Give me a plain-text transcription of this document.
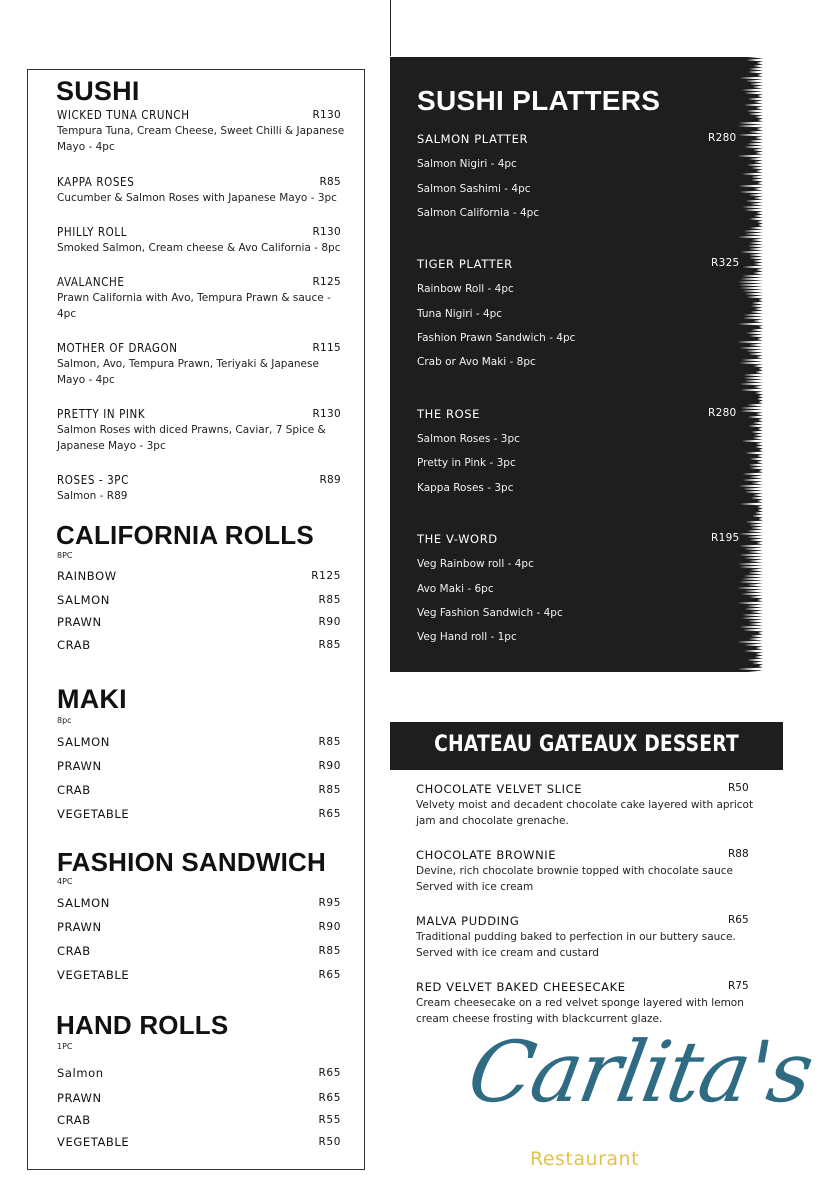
SUSHI
WICKED TUNA CRUNCH	R130
Tempura Tuna, Cream Cheese, Sweet Chilli & Japanese Mayo - 4pc
KAPPA ROSES	R85
Cucumber & Salmon Roses with Japanese Mayo - 3pc
PHILLY ROLL	R130
Smoked Salmon, Cream cheese & Avo California - 8pc
AVALANCHE	R125
Prawn California with Avo, Tempura Prawn & sauce - 4pc
MOTHER OF DRAGON	R115
Salmon, Avo, Tempura Prawn, Teriyaki & Japanese Mayo - 4pc
PRETTY IN PINK	R130
Salmon Roses with diced Prawns, Caviar, 7 Spice & Japanese Mayo - 3pc
ROSES - 3PC	R89
Salmon - R89
CALIFORNIA ROLLS
8PC
RAINBOW	R125
SALMON	R85
PRAWN	R90
CRAB	R85
MAKI
8pc
SALMON	R85
PRAWN	R90
CRAB	R85
VEGETABLE	R65
FASHION SANDWICH
4PC
SALMON	R95
PRAWN	R90
CRAB	R85
VEGETABLE	R65
HAND ROLLS
1PC
Salmon	R65
PRAWN	R65
CRAB	R55
VEGETABLE	R50
SUSHI PLATTERS
SALMON PLATTER	R280
Salmon Nigiri - 4pc
Salmon Sashimi - 4pc
Salmon California - 4pc
TIGER PLATTER	R325
Rainbow Roll - 4pc
Tuna Nigiri - 4pc
Fashion Prawn Sandwich - 4pc
Crab or Avo Maki - 8pc
THE ROSE	R280
Salmon Roses - 3pc
Pretty in Pink - 3pc
Kappa Roses - 3pc
THE V-WORD	R195
Veg Rainbow roll - 4pc
Avo Maki - 6pc
Veg Fashion Sandwich - 4pc
Veg Hand roll - 1pc
CHATEAU GATEAUX DESSERT
CHOCOLATE VELVET SLICE	R50
Velvety moist and decadent chocolate cake layered with apricot jam and chocolate grenache.
CHOCOLATE BROWNIE	R88
Devine, rich chocolate brownie topped with chocolate sauce Served with ice cream
MALVA PUDDING	R65
Traditional pudding baked to perfection in our buttery sauce. Served with ice cream and custard
RED VELVET BAKED CHEESECAKE	R75
Cream cheesecake on a red velvet sponge layered with lemon cream cheese frosting with blackcurrent glaze.
Carlita's
Restaurant
